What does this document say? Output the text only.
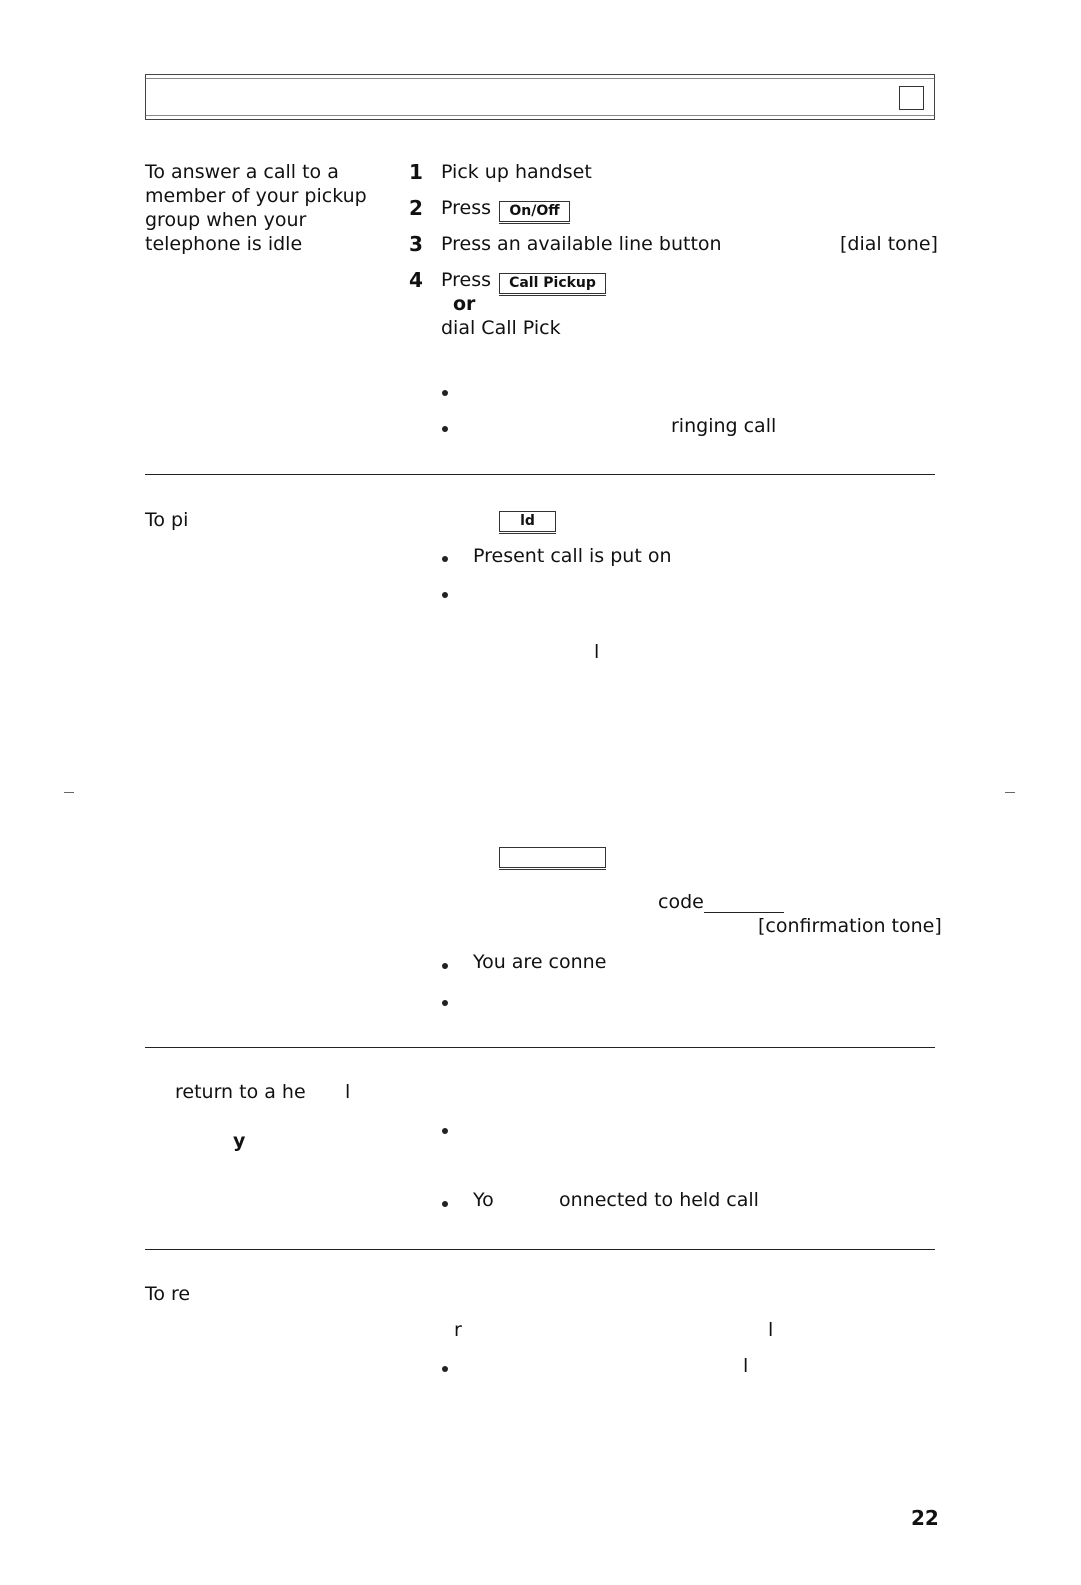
To answer a call to a
member of your pickup
group when your
telephone is idle
1 Pick up handset
2 Press	On/Off
3 Press an available line button	[dial tone]
4 Press	Call Pickup
or
dial Call Pick
ringing call
To pi	ld
Present call is put on
l
code
[confirmation tone]
You are conne
return to a he l
y
Yo	onnected to held call
To re
r	l
l
22
